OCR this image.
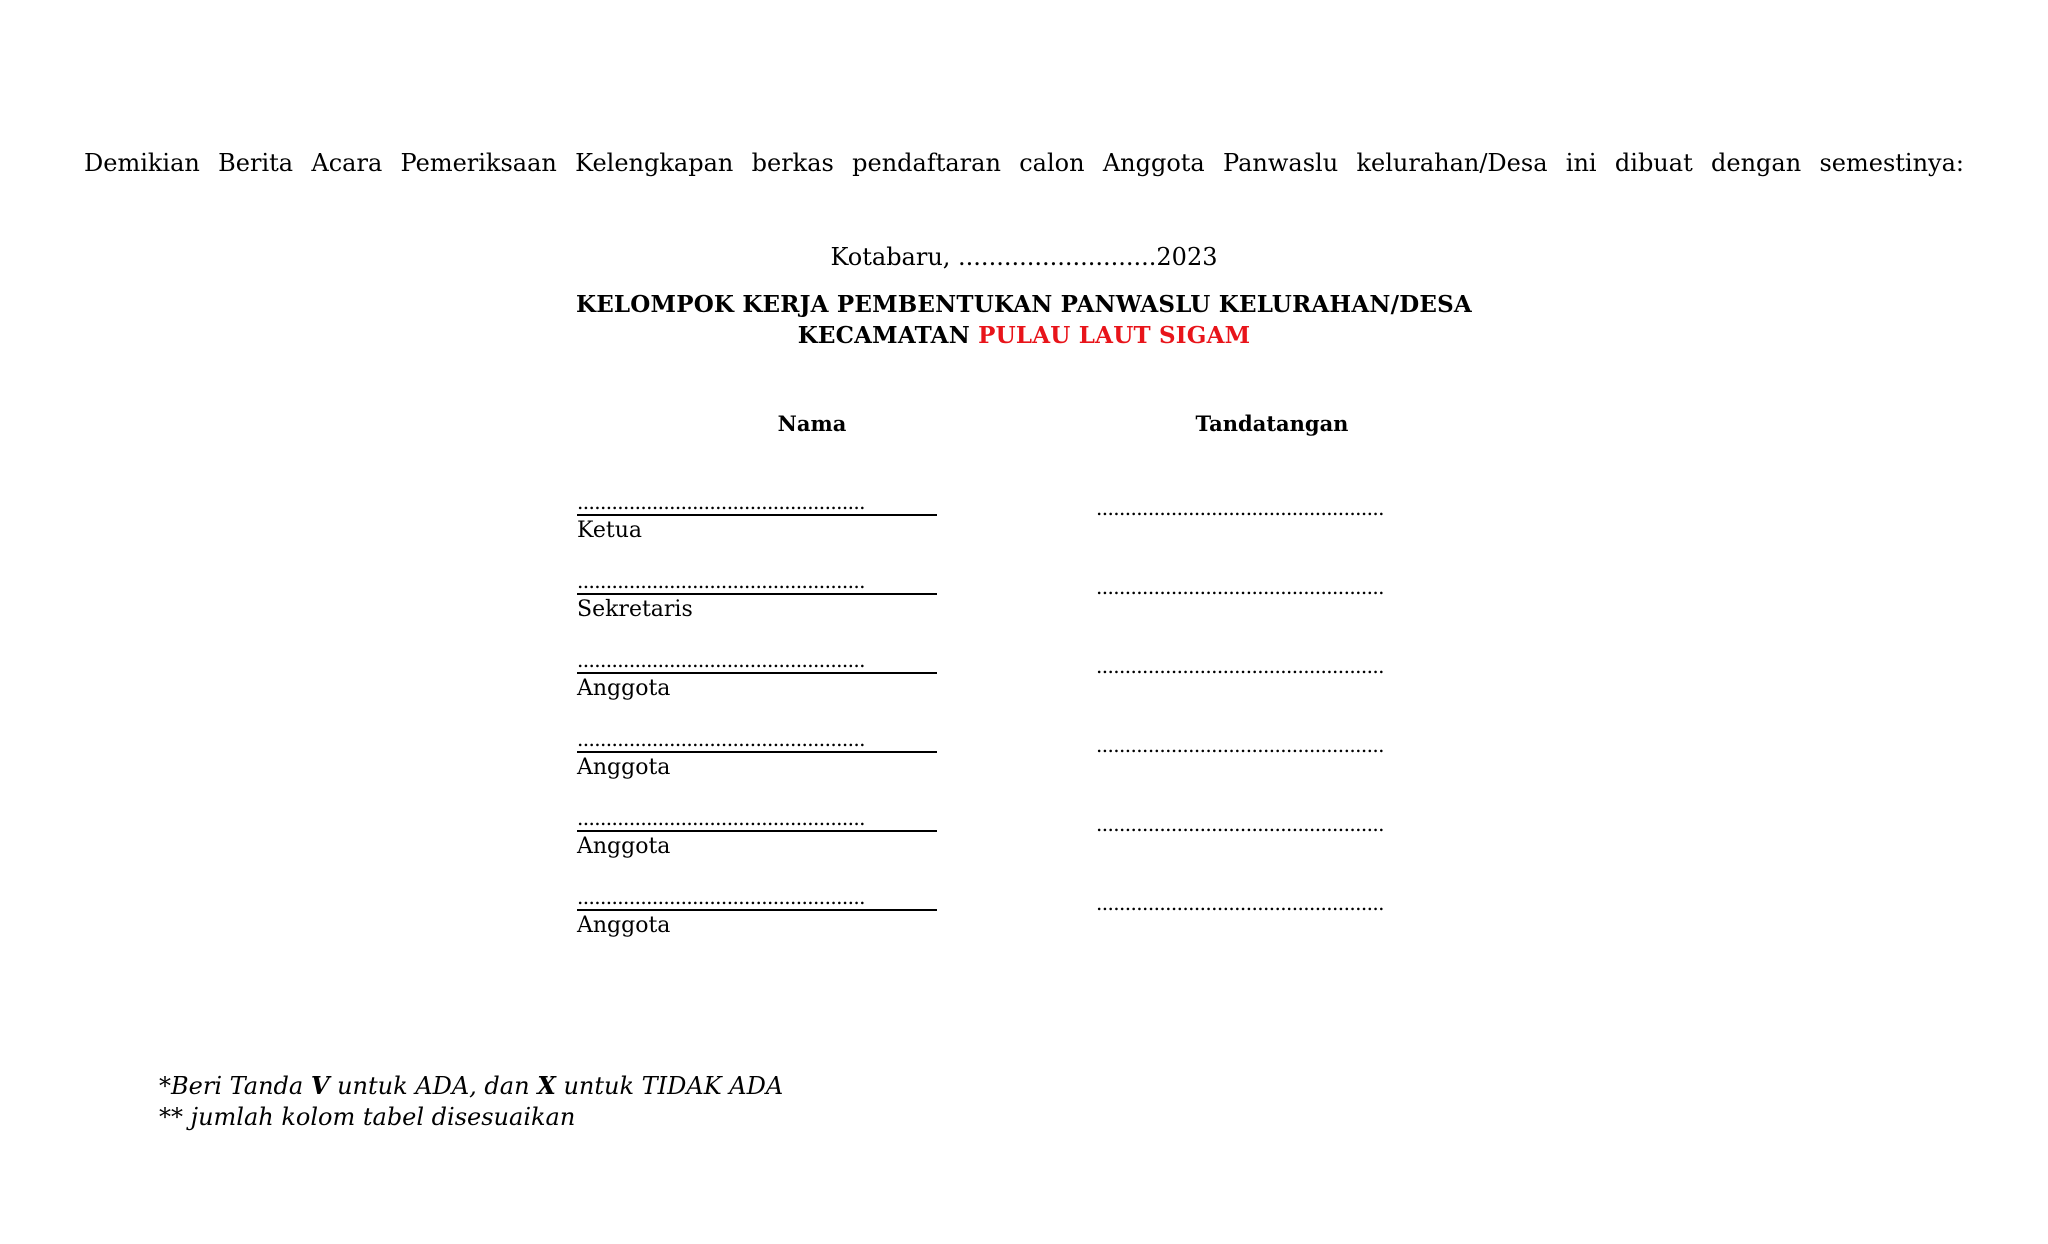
Demikian Berita Acara Pemeriksaan Kelengkapan berkas pendaftaran calon Anggota Panwaslu kelurahan/Desa ini dibuat dengan semestinya:
Kotabaru, ..........................2023
KELOMPOK KERJA PEMBENTUKAN PANWASLU KELURAHAN/DESA
KECAMATAN PULAU LAUT SIGAM
Nama	Tandatangan
..................................................
Ketua
..................................................
..................................................
Sekretaris
..................................................
..................................................
Anggota
..................................................
..................................................
Anggota
..................................................
..................................................
Anggota
..................................................
..................................................
Anggota
..................................................
*Beri Tanda V untuk ADA, dan X untuk TIDAK ADA
** jumlah kolom tabel disesuaikan
